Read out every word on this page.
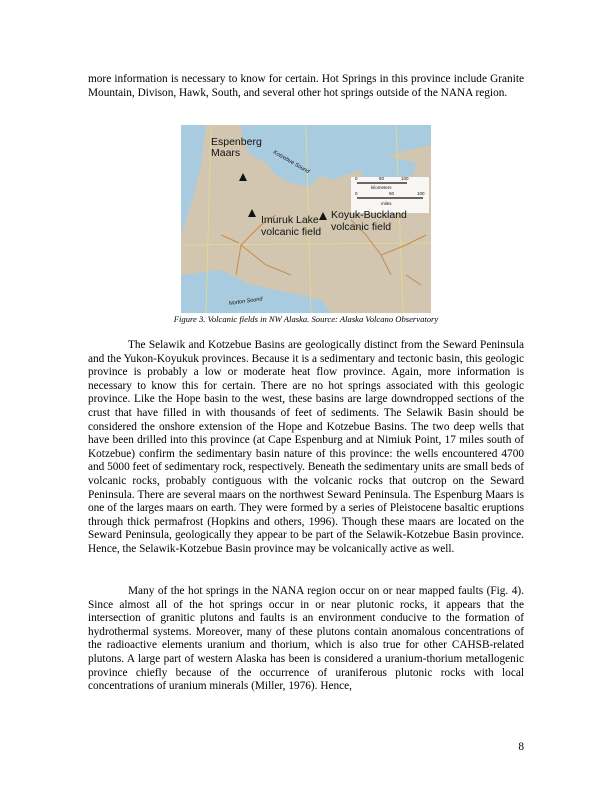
more information is necessary to know for certain. Hot Springs in this province include Granite Mountain, Divison, Hawk, South, and several other hot springs outside of the NANA region.

0	50	100
kilometers
0	50	100
miles
Espenberg
Maars
Imuruk Lake
volcanic field
Koyuk-Buckland
volcanic field
Kotzebue Sound
Norton Sound
Figure 3. Volcanic fields in NW Alaska. Source: Alaska Volcano Observatory

The Selawik and Kotzebue Basins are geologically distinct from the Seward Peninsula and the Yukon-Koyukuk provinces. Because it is a sedimentary and tectonic basin, this geologic province is probably a low or moderate heat flow province. Again, more information is necessary to know this for certain. There are no hot springs associated with this geologic province. Like the Hope basin to the west, these basins are large downdropped sections of the crust that have filled in with thousands of feet of sediments. The Selawik Basin should be considered the onshore extension of the Hope and Kotzebue Basins. The two deep wells that have been drilled into this province (at Cape Espenburg and at Nimiuk Point, 17 miles south of Kotzebue) confirm the sedimentary basin nature of this province: the wells encountered 4700 and 5000 feet of sedimentary rock, respectively. Beneath the sedimentary units are small beds of volcanic rocks, probably contiguous with the volcanic rocks that outcrop on the Seward Peninsula. There are several maars on the northwest Seward Peninsula. The Espenburg Maars is one of the larges maars on earth. They were formed by a series of Pleistocene basaltic eruptions through thick permafrost (Hopkins and others, 1996). Though these maars are located on the Seward Peninsula, geologically they appear to be part of the Selawik-Kotzebue Basin province. Hence, the Selawik-Kotzebue Basin province may be volcanically active as well.

Many of the hot springs in the NANA region occur on or near mapped faults (Fig. 4). Since almost all of the hot springs occur in or near plutonic rocks, it appears that the intersection of granitic plutons and faults is an environment conducive to the formation of hydrothermal systems. Moreover, many of these plutons contain anomalous concentrations of the radioactive elements uranium and thorium, which is also true for other CAHSB-related plutons. A large part of western Alaska has been is considered a uranium-thorium metallogenic province chiefly because of the occurrence of uraniferous plutonic rocks with local concentrations of uranium minerals (Miller, 1976). Hence,

8
